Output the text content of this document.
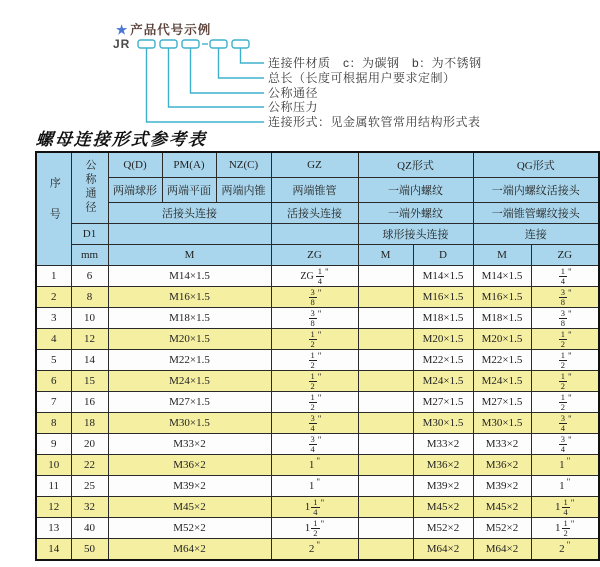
★ 产品代号示例
JR
连接件材质　c：为碳钢　b：为不锈钢
总长（长度可根据用户要求定制）
公称通径
公称压力
连接形式：见金属软管常用结构形式表
螺母连接形式参考表
序号	公称通径	Q(D)	PM(A)	NZ(C)	GZ	QZ形式		QG形式	
		两端球形	两端平面	两端内锥	两端锥管	一端内螺纹		一端内螺纹活接头	
		活接头连接			活接头连接	一端外螺纹		一端锥管螺纹接头	
	D1					球形接头连接		连接	
	mm	M			ZG	M	D	M	ZG
1	6	M14×1.5			ZG $\frac{1}{4} ^"$		M14×1.5	M14×1.5	$\frac{1}{4} ^"$
2	8	M16×1.5			$\frac{3}{8} ^"$		M16×1.5	M16×1.5	$\frac{3}{8} ^"$
3	10	M18×1.5			$\frac{3}{8} ^"$		M18×1.5	M18×1.5	$\frac{3}{8} ^"$
4	12	M20×1.5			$\frac{1}{2} ^"$		M20×1.5	M20×1.5	$\frac{1}{2} ^"$
5	14	M22×1.5			$\frac{1}{2} ^"$		M22×1.5	M22×1.5	$\frac{1}{2} ^"$
6	15	M24×1.5			$\frac{1}{2} ^"$		M24×1.5	M24×1.5	$\frac{1}{2} ^"$
7	16	M27×1.5			$\frac{1}{2} ^"$		M27×1.5	M27×1.5	$\frac{1}{2} ^"$
8	18	M30×1.5			$\frac{3}{4} ^"$		M30×1.5	M30×1.5	$\frac{3}{4} ^"$
9	20	M33×2			$\frac{3}{4} ^"$		M33×2	M33×2	$\frac{3}{4} ^"$
10	22	M36×2			1 "		M36×2	M36×2	1 "
11	25	M39×2			1 "		M39×2	M39×2	1 "
12	32	M45×2			$1 \frac{1}{4} ^"$		M45×2	M45×2	$1 \frac{1}{4} ^"$
13	40	M52×2			$1 \frac{1}{2} ^"$		M52×2	M52×2	$1 \frac{1}{2} ^"$
14	50	M64×2			2 "		M64×2	M64×2	2 "
